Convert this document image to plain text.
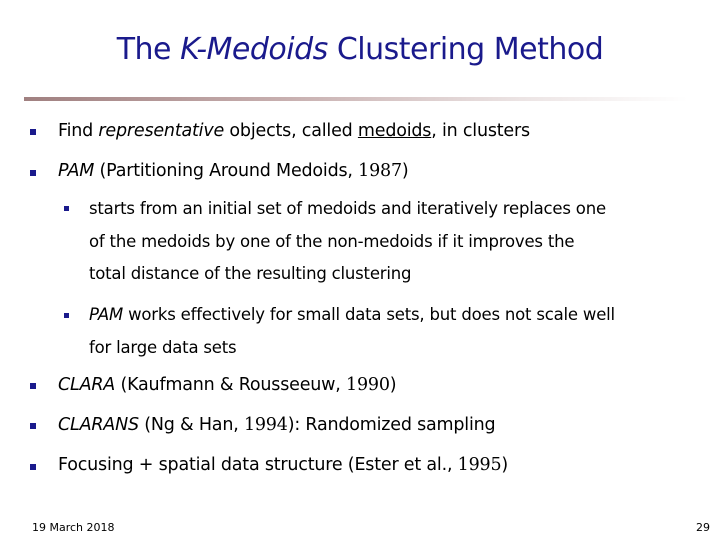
The K-Medoids Clustering Method
Find representative objects, called medoids, in clusters
PAM (Partitioning Around Medoids, 1987)
starts from an initial set of medoids and iteratively replaces one
of the medoids by one of the non-medoids if it improves the
total distance of the resulting clustering
PAM works effectively for small data sets, but does not scale well
for large data sets
CLARA (Kaufmann & Rousseeuw, 1990)
CLARANS (Ng & Han, 1994): Randomized sampling
Focusing + spatial data structure (Ester et al., 1995)
19 March 2018	29
